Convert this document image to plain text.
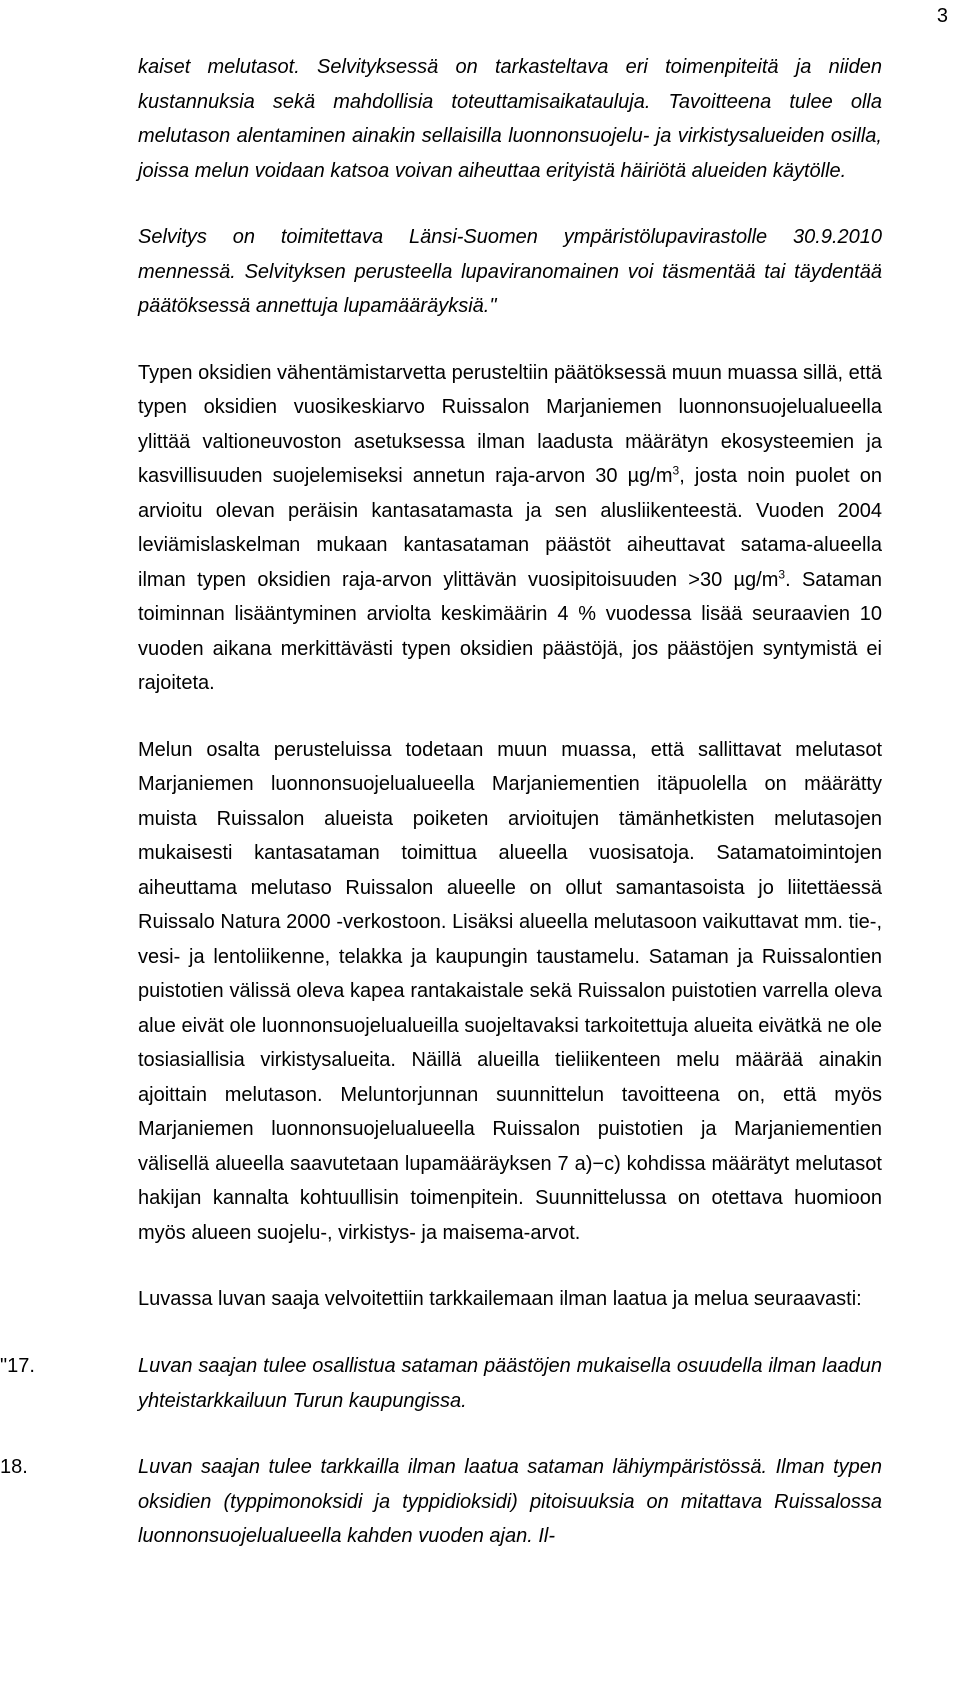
3

kaiset melutasot. Selvityksessä on tarkasteltava eri toimenpiteitä ja niiden kustannuksia sekä mahdollisia toteuttamisaikatauluja. Tavoitteena tulee olla melutason alentaminen ainakin sellaisilla luonnonsuojelu- ja virkistysalueiden osilla, joissa melun voidaan katsoa voivan aiheuttaa erityistä häiriötä alueiden käytölle.

Selvitys on toimitettava Länsi-Suomen ympäristölupavirastolle 30.9.2010 mennessä. Selvityksen perusteella lupaviranomainen voi täsmentää tai täydentää päätöksessä annettuja lupamääräyksiä."

Typen oksidien vähentämistarvetta perusteltiin päätöksessä muun muassa sillä, että typen oksidien vuosikeskiarvo Ruissalon Marjaniemen luonnonsuojelualueella ylittää valtioneuvoston asetuksessa ilman laadusta määrätyn ekosysteemien ja kasvillisuuden suojelemiseksi annetun raja-arvon 30 $\mu g/m^3$, josta noin puolet on arvioitu olevan peräisin kantasatamasta ja sen alusliikenteestä. Vuoden 2004 leviämislaskelman mukaan kantasataman päästöt aiheuttavat satama-alueella ilman typen oksidien raja-arvon ylittävän vuosipitoisuuden >30 $\mu g/m^3$. Sataman toiminnan lisääntyminen arviolta keskimäärin 4 % vuodessa lisää seuraavien 10 vuoden aikana merkittävästi typen oksidien päästöjä, jos päästöjen syntymistä ei rajoiteta.

Melun osalta perusteluissa todetaan muun muassa, että sallittavat melutasot Marjaniemen luonnonsuojelualueella Marjaniementien itäpuolella on määrätty muista Ruissalon alueista poiketen arvioitujen tämänhetkisten melutasojen mukaisesti kantasataman toimittua alueella vuosisatoja. Satamatoimintojen aiheuttama melutaso Ruissalon alueelle on ollut samantasoista jo liitettäessä Ruissalo Natura 2000 -verkostoon. Lisäksi alueella melutasoon vaikuttavat mm. tie-, vesi- ja lentoliikenne, telakka ja kaupungin taustamelu. Sataman ja Ruissalontien puistotien välissä oleva kapea rantakaistale sekä Ruissalon puistotien varrella oleva alue eivät ole luonnonsuojelualueilla suojeltavaksi tarkoitettuja alueita eivätkä ne ole tosiasiallisia virkistysalueita. Näillä alueilla tieliikenteen melu määrää ainakin ajoittain melutason. Meluntorjunnan suunnittelun tavoitteena on, että myös Marjaniemen luonnonsuojelualueella Ruissalon puistotien ja Marjaniementien välisellä alueella saavutetaan lupamääräyksen 7 a)−c) kohdissa määrätyt melutasot hakijan kannalta kohtuullisin toimenpitein. Suunnittelussa on otettava huomioon myös alueen suojelu-, virkistys- ja maisema-arvot.

Luvassa luvan saaja velvoitettiin tarkkailemaan ilman laatua ja melua seuraavasti:

"17.	Luvan saajan tulee osallistua sataman päästöjen mukaisella osuudella ilman laadun yhteistarkkailuun Turun kaupungissa.

18.	Luvan saajan tulee tarkkailla ilman laatua sataman lähiympäristössä. Ilman typen oksidien (typpimonoksidi ja typpidioksidi) pitoisuuksia on mitattava Ruissalossa luonnonsuojelualueella kahden vuoden ajan. Il-
